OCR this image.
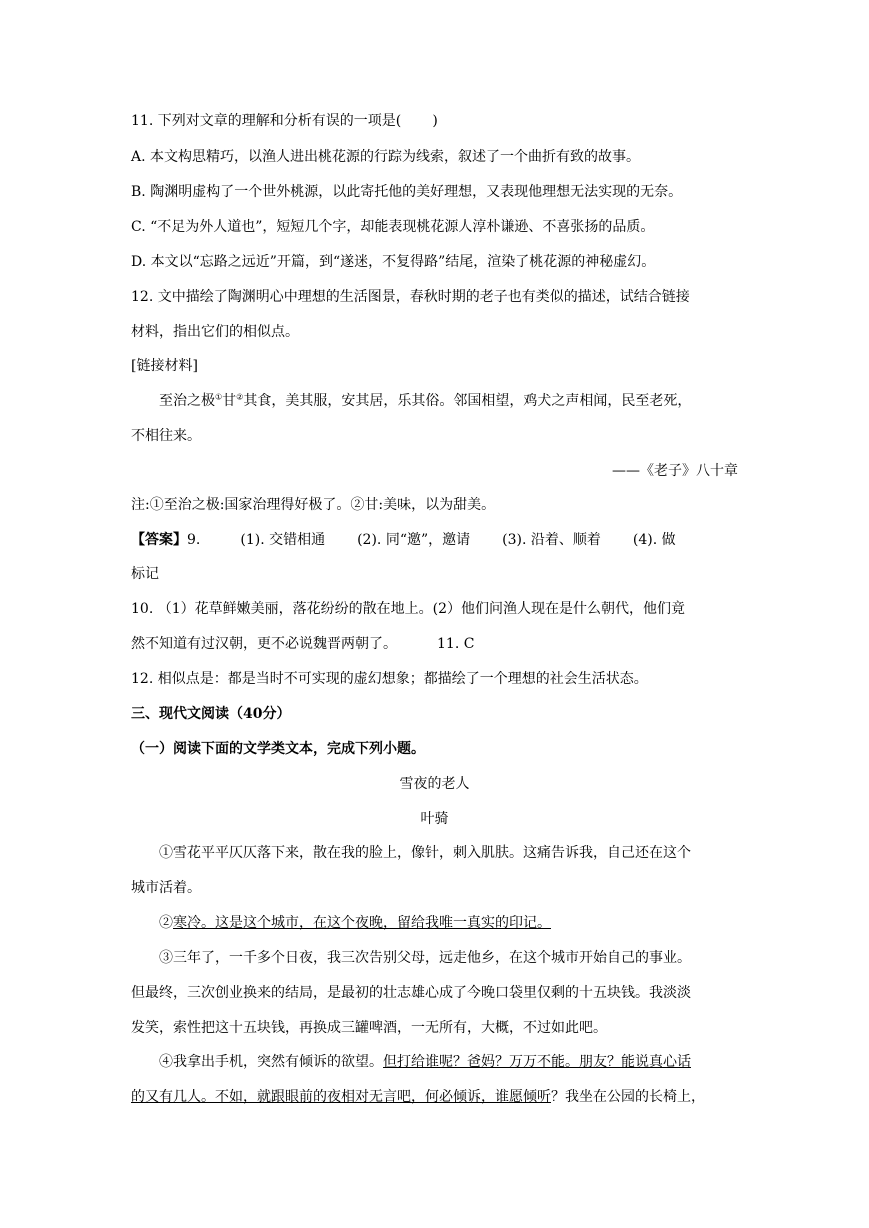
11. 下列对文章的理解和分析有误的一项是(       )
A. 本文构思精巧，以渔人进出桃花源的行踪为线索，叙述了一个曲折有致的故事。
B. 陶渊明虚构了一个世外桃源，以此寄托他的美好理想，又表现他理想无法实现的无奈。
C. “不足为外人道也”，短短几个字，却能表现桃花源人淳朴谦逊、不喜张扬的品质。
D. 本文以“忘路之远近”开篇，到“遂迷，不复得路”结尾，渲染了桃花源的神秘虚幻。
12. 文中描绘了陶渊明心中理想的生活图景，春秋时期的老子也有类似的描述，试结合链接
材料，指出它们的相似点。
[链接材料]
至治之极①甘②其食，美其服，安其居，乐其俗。邻国相望，鸡犬之声相闻，民至老死，
不相往来。
——《老子》八十章
注:①至治之极:国家治理得好极了。②甘:美味，以为甜美。
【答案】9.	(1). 交错相通 (2). 同“邀”，邀请 (3). 沿着、顺着 (4). 做
标记
10. （1）花草鲜嫩美丽，落花纷纷的散在地上。(2）他们问渔人现在是什么朝代，他们竟
然不知道有过汉朝，更不必说魏晋两朝了。	11. C
12. 相似点是：都是当时不可实现的虚幻想象；都描绘了一个理想的社会生活状态。
三、现代文阅读（40分）
（一）阅读下面的文学类文本，完成下列小题。
雪夜的老人
叶骑
①雪花平平仄仄落下来，散在我的脸上，像针，刺入肌肤。这痛告诉我，自己还在这个
城市活着。
②寒冷。这是这个城市，在这个夜晚，留给我唯一真实的印记。
③三年了，一千多个日夜，我三次告别父母，远走他乡，在这个城市开始自己的事业。
但最终，三次创业换来的结局，是最初的壮志雄心成了今晚口袋里仅剩的十五块钱。我淡淡
发笑，索性把这十五块钱，再换成三罐啤酒，一无所有，大概，不过如此吧。
④我拿出手机，突然有倾诉的欲望。但打给谁呢？爸妈？万万不能。朋友？能说真心话
的又有几人。不如，就跟眼前的夜相对无言吧，何必倾诉，谁愿倾听？我坐在公园的长椅上，
